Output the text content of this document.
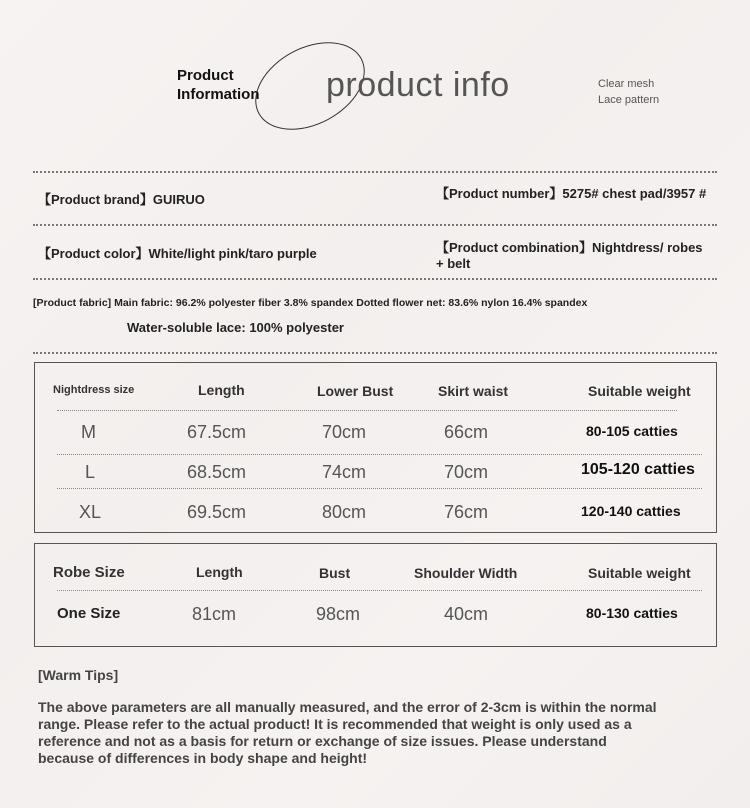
Product
Information product info	Clear mesh
Lace pattern
【Product brand】GUIRUO	【Product number】5275# chest pad/3957 #
【Product color】White/light pink/taro purple	【Product combination】Nightdress/ robes + belt
[Product fabric] Main fabric: 96.2% polyester fiber 3.8% spandex Dotted flower net: 83.6% nylon 16.4% spandex
Water-soluble lace: 100% polyester
Nightdress size	Length	Lower Bust	Skirt waist	Suitable weight
M	67.5cm	70cm	66cm	80-105 catties
L	68.5cm	74cm	70cm	105-120 catties
XL	69.5cm	80cm	76cm	120-140 catties
Robe Size	Length	Bust	Shoulder Width	Suitable weight
One Size	81cm	98cm	40cm	80-130 catties
[Warm Tips]
The above parameters are all manually measured, and the error of 2-3cm is within the normal range. Please refer to the actual product! It is recommended that weight is only used as a reference and not as a basis for return or exchange of size issues. Please understand because of differences in body shape and height!
